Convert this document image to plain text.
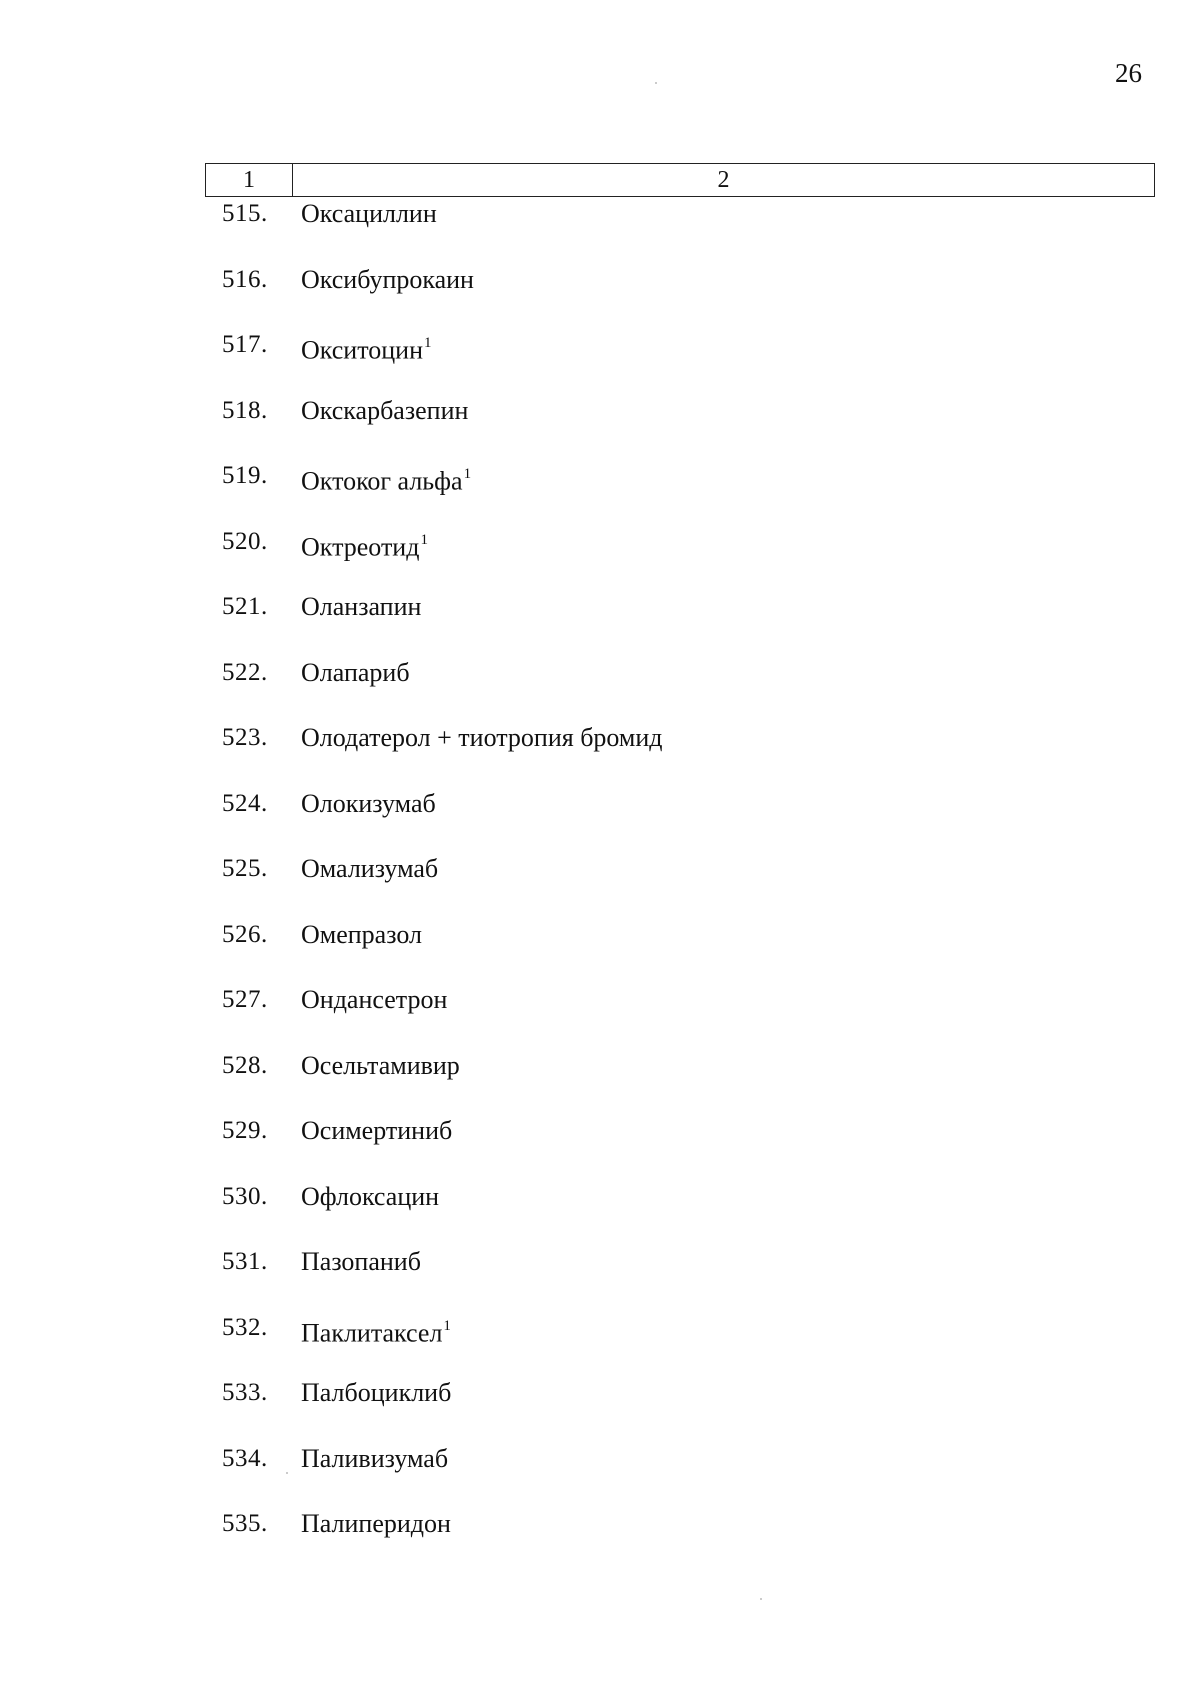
26
1	2
515. Оксациллин
516. Оксибупрокаин
517. Окситоцин$^1$
518. Окскарбазепин
519. Октоког альфа$^1$
520. Октреотид$^1$
521. Оланзапин
522. Олапариб
523. Олодатерол + тиотропия бромид
524. Олокизумаб
525. Омализумаб
526. Омепразол
527. Ондансетрон
528. Осельтамивир
529. Осимертиниб
530. Офлоксацин
531. Пазопаниб
532. Паклитаксел$^1$
533. Палбоциклиб
534. Паливизумаб
535. Палиперидон
